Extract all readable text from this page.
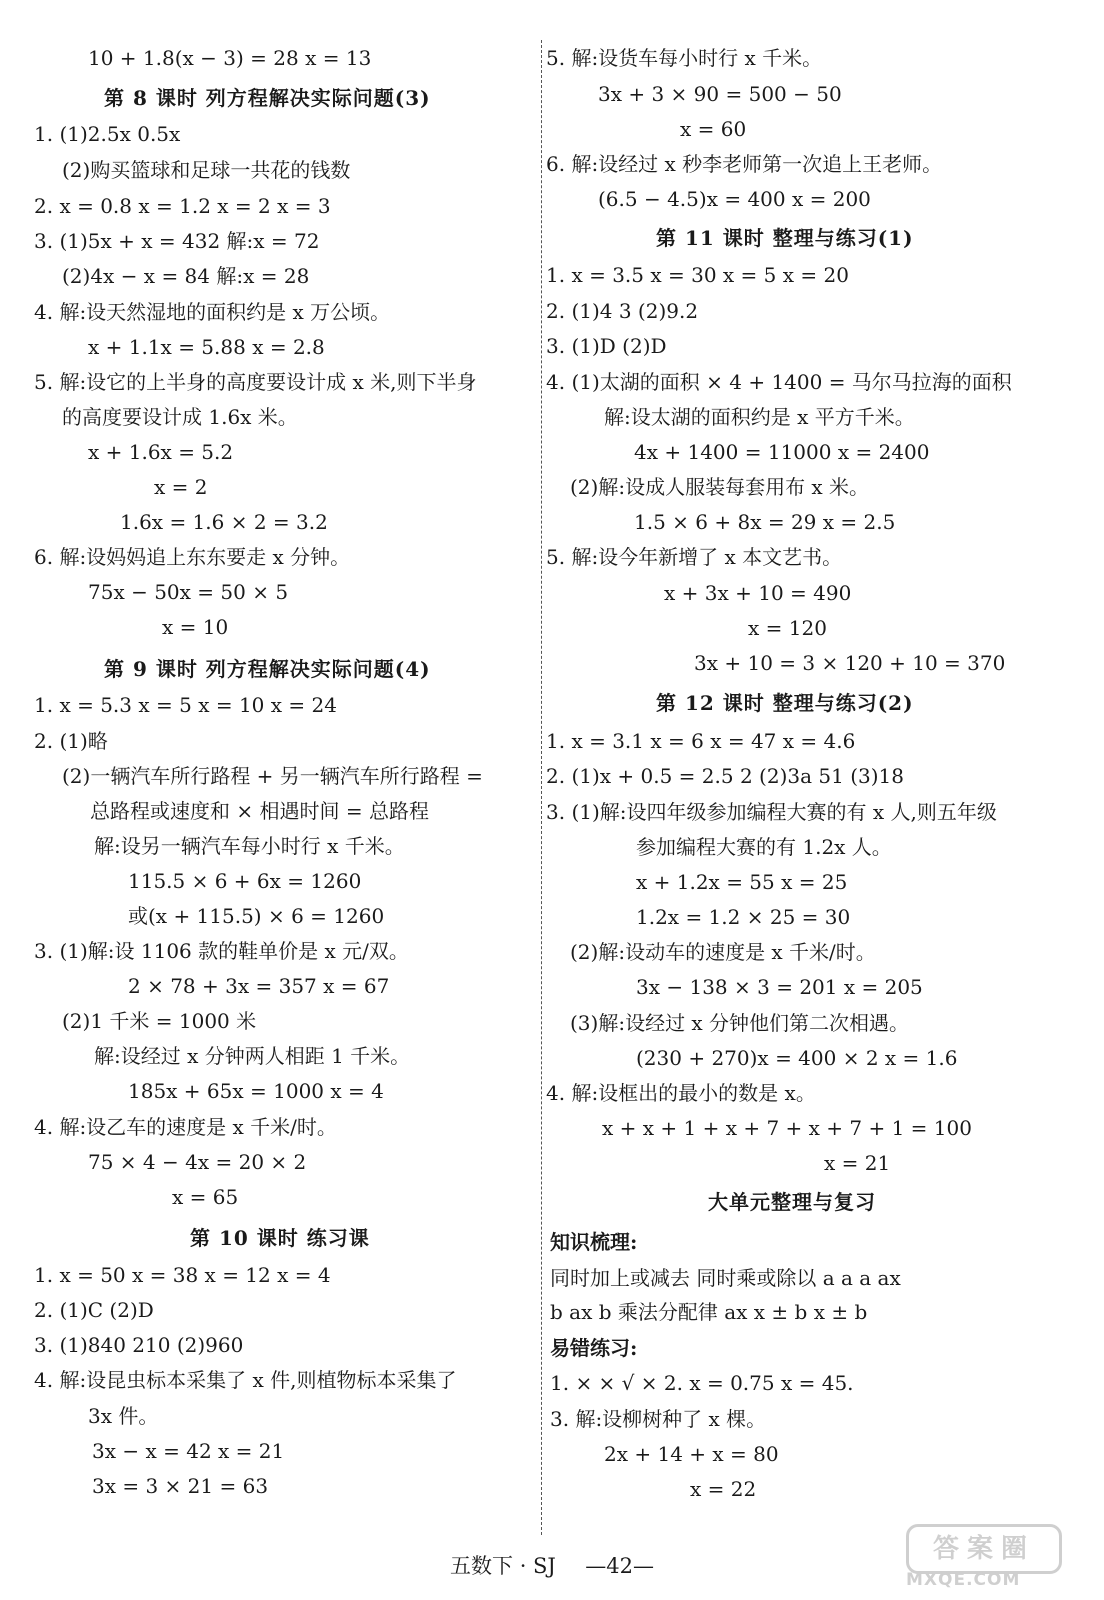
10 + 1.8(x − 3) = 28 x = 13
第 8 课时 列方程解决实际问题(3)
1. (1)2.5x 0.5x
(2)购买篮球和足球一共花的钱数
2. x = 0.8 x = 1.2 x = 2 x = 3
3. (1)5x + x = 432 解:x = 72
(2)4x − x = 84 解:x = 28
4. 解:设天然湿地的面积约是 x 万公顷。
x + 1.1x = 5.88 x = 2.8
5. 解:设它的上半身的高度要设计成 x 米,则下半身
的高度要设计成 1.6x 米。
x + 1.6x = 5.2
x = 2
1.6x = 1.6 × 2 = 3.2
6. 解:设妈妈追上东东要走 x 分钟。
75x − 50x = 50 × 5
x = 10
第 9 课时 列方程解决实际问题(4)
1. x = 5.3 x = 5 x = 10 x = 24
2. (1)略
(2)一辆汽车所行路程 + 另一辆汽车所行路程 =
总路程或速度和 × 相遇时间 = 总路程
解:设另一辆汽车每小时行 x 千米。
115.5 × 6 + 6x = 1260
或(x + 115.5) × 6 = 1260
3. (1)解:设 1106 款的鞋单价是 x 元/双。
2 × 78 + 3x = 357 x = 67
(2)1 千米 = 1000 米
解:设经过 x 分钟两人相距 1 千米。
185x + 65x = 1000 x = 4
4. 解:设乙车的速度是 x 千米/时。
75 × 4 − 4x = 20 × 2
x = 65
第 10 课时 练习课
1. x = 50 x = 38 x = 12 x = 4
2. (1)C (2)D
3. (1)840 210 (2)960
4. 解:设昆虫标本采集了 x 件,则植物标本采集了
3x 件。
3x − x = 42 x = 21
3x = 3 × 21 = 63
5. 解:设货车每小时行 x 千米。
3x + 3 × 90 = 500 − 50
x = 60
6. 解:设经过 x 秒李老师第一次追上王老师。
(6.5 − 4.5)x = 400 x = 200
第 11 课时 整理与练习(1)
1. x = 3.5 x = 30 x = 5 x = 20
2. (1)4 3 (2)9.2
3. (1)D (2)D
4. (1)太湖的面积 × 4 + 1400 = 马尔马拉海的面积
解:设太湖的面积约是 x 平方千米。
4x + 1400 = 11000 x = 2400
(2)解:设成人服装每套用布 x 米。
1.5 × 6 + 8x = 29 x = 2.5
5. 解:设今年新增了 x 本文艺书。
x + 3x + 10 = 490
x = 120
3x + 10 = 3 × 120 + 10 = 370
第 12 课时 整理与练习(2)
1. x = 3.1 x = 6 x = 47 x = 4.6
2. (1)x + 0.5 = 2.5 2 (2)3a 51 (3)18
3. (1)解:设四年级参加编程大赛的有 x 人,则五年级
参加编程大赛的有 1.2x 人。
x + 1.2x = 55 x = 25
1.2x = 1.2 × 25 = 30
(2)解:设动车的速度是 x 千米/时。
3x − 138 × 3 = 201 x = 205
(3)解:设经过 x 分钟他们第二次相遇。
(230 + 270)x = 400 × 2 x = 1.6
4. 解:设框出的最小的数是 x。
x + x + 1 + x + 7 + x + 7 + 1 = 100
x = 21
大单元整理与复习
知识梳理:
同时加上或减去 同时乘或除以 a a a ax
b ax b 乘法分配律 ax x ± b x ± b
易错练习:
1. × × √ × 2. x = 0.75 x = 45.
3. 解:设柳树种了 x 棵。
2x + 14 + x = 80
x = 22
五数下 · SJ —42—
答案圈
MXQE.COM
